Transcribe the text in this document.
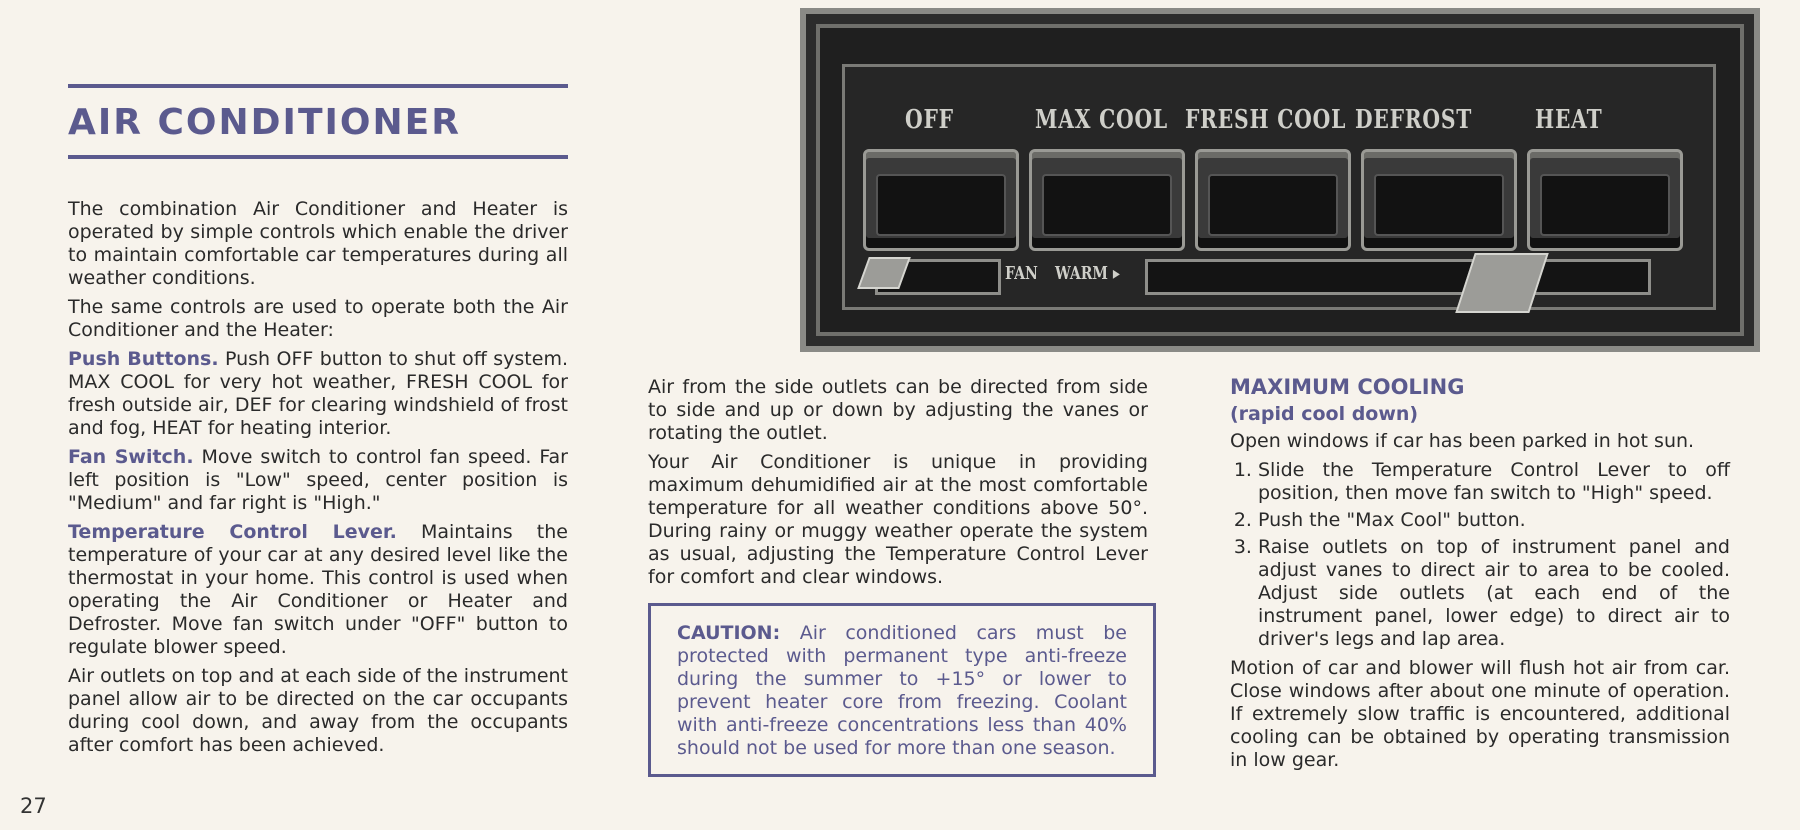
AIR CONDITIONER	OFF	MAX COOL FRESH COOL DEFROST HEAT
FAN WARM ▸

The combination Air Conditioner and Heater is operated by simple controls which enable the driver to maintain comfortable car temperatures during all weather conditions.

The same controls are used to operate both the Air Conditioner and the Heater:

Push Buttons. Push OFF button to shut off system. MAX COOL for very hot weather, FRESH COOL for fresh outside air, DEF for clearing windshield of frost and fog, HEAT for heating interior.

Fan Switch. Move switch to control fan speed. Far left position is "Low" speed, center position is "Medium" and far right is "High."

Temperature Control Lever. Maintains the temperature of your car at any desired level like the thermostat in your home. This control is used when operating the Air Conditioner or Heater and Defroster. Move fan switch under "OFF" button to regulate blower speed.

Air outlets on top and at each side of the instrument panel allow air to be directed on the car occupants during cool down, and away from the occupants after comfort has been achieved.

Air from the side outlets can be directed from side to side and up or down by adjusting the vanes or rotating the outlet.

Your Air Conditioner is unique in providing maximum dehumidified air at the most comfortable temperature for all weather conditions above 50°. During rainy or muggy weather operate the system as usual, adjusting the Temperature Control Lever for comfort and clear windows.

CAUTION: Air conditioned cars must be protected with permanent type anti-freeze during the summer to +15° or lower to prevent heater core from freezing. Coolant with anti-freeze concentrations less than 40% should not be used for more than one season.
MAXIMUM COOLING
(rapid cool down)

Open windows if car has been parked in hot sun.

1. Slide the Temperature Control Lever to off position, then move fan switch to "High" speed.
2. Push the "Max Cool" button.
3. Raise outlets on top of instrument panel and adjust vanes to direct air to area to be cooled. Adjust side outlets (at each end of the instrument panel, lower edge) to direct air to driver's legs and lap area.

Motion of car and blower will flush hot air from car. Close windows after about one minute of operation. If extremely slow traffic is encountered, additional cooling can be obtained by operating transmission in low gear.

27
